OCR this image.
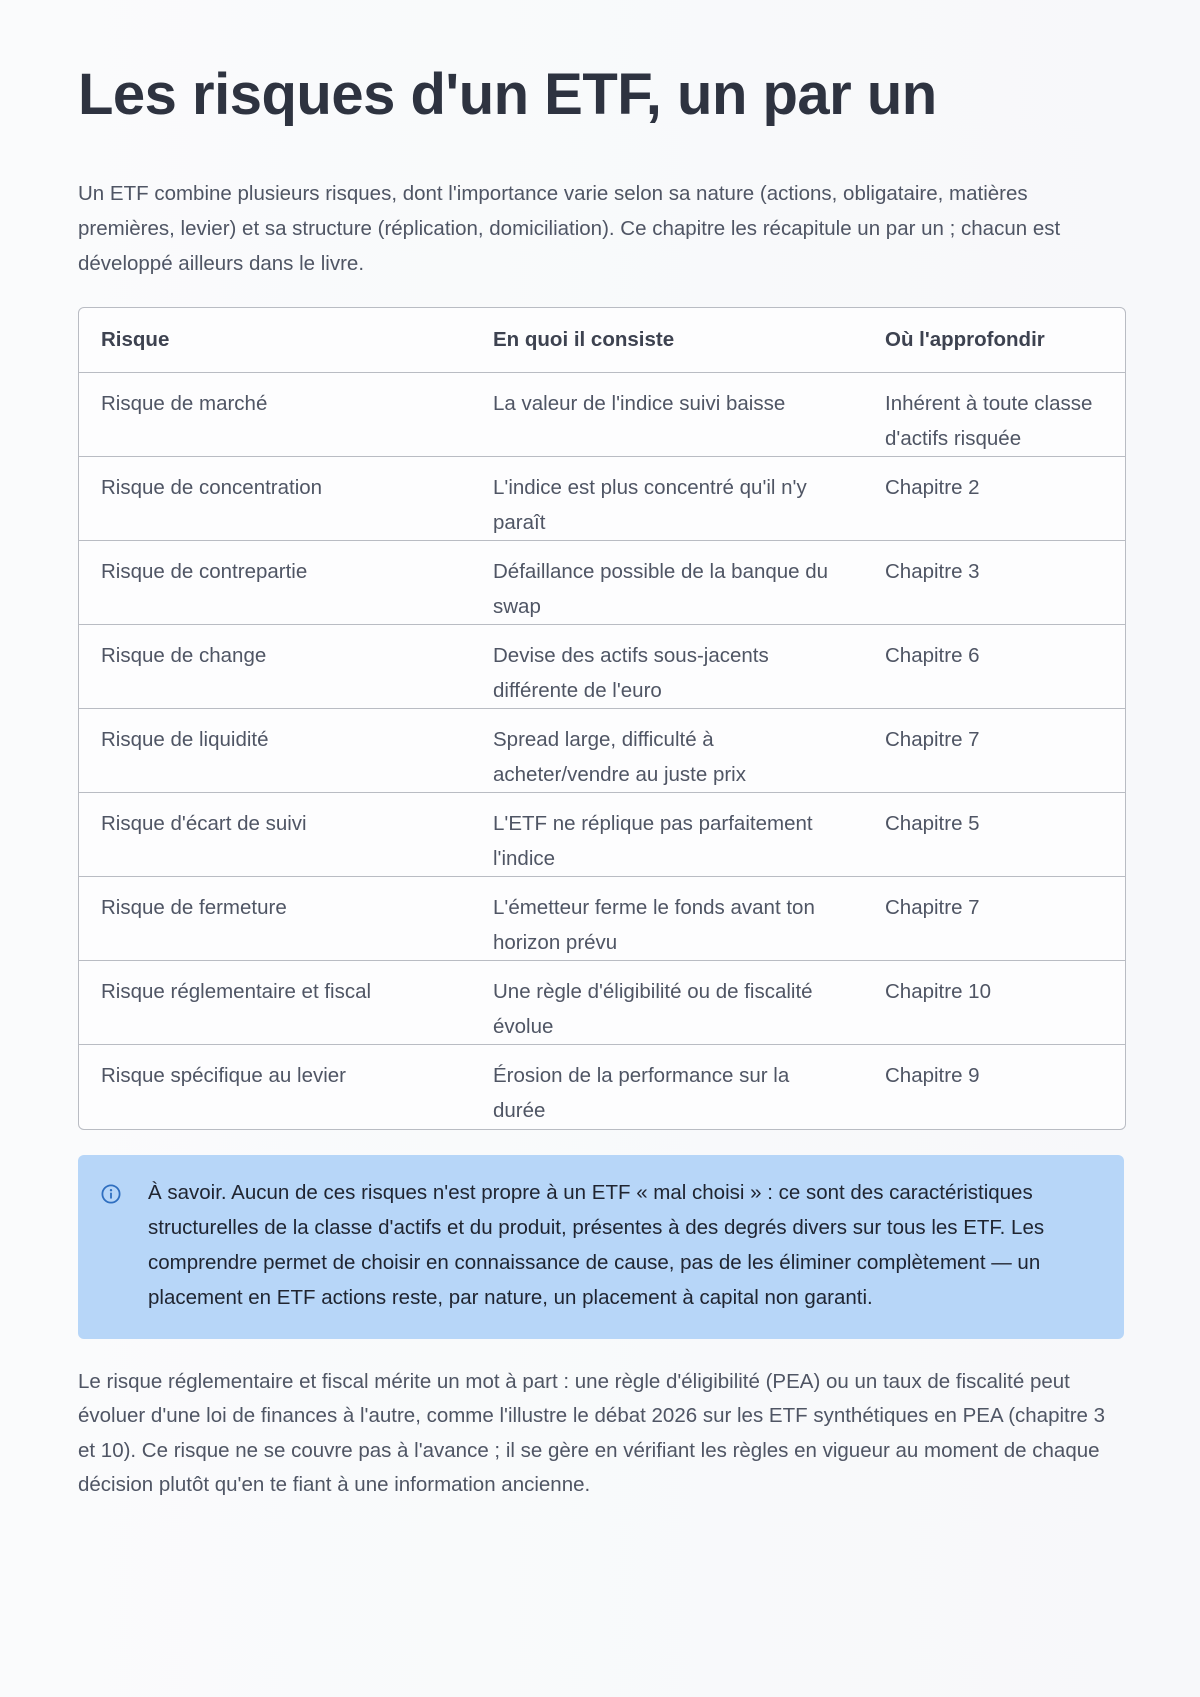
Les risques d'un ETF, un par un

Un ETF combine plusieurs risques, dont l'importance varie selon sa nature (actions, obligataire, matières premières, levier) et sa structure (réplication, domiciliation). Ce chapitre les récapitule un par un ; chacun est développé ailleurs dans le livre.

Risque	En quoi il consiste	Où l'approfondir
Risque de marché	La valeur de l'indice suivi baisse	Inhérent à toute classe d'actifs risquée
Risque de concentration	L'indice est plus concentré qu'il n'y paraît	Chapitre 2
Risque de contrepartie	Défaillance possible de la banque du swap	Chapitre 3
Risque de change	Devise des actifs sous-jacents différente de l'euro	Chapitre 6
Risque de liquidité	Spread large, difficulté à acheter/vendre au juste prix	Chapitre 7
Risque d'écart de suivi	L'ETF ne réplique pas parfaitement l'indice	Chapitre 5
Risque de fermeture	L'émetteur ferme le fonds avant ton horizon prévu	Chapitre 7
Risque réglementaire et fiscal	Une règle d'éligibilité ou de fiscalité évolue	Chapitre 10
Risque spécifique au levier	Érosion de la performance sur la durée	Chapitre 9
À savoir. Aucun de ces risques n'est propre à un ETF « mal choisi » : ce sont des caractéristiques structurelles de la classe d'actifs et du produit, présentes à des degrés divers sur tous les ETF. Les comprendre permet de choisir en connaissance de cause, pas de les éliminer complètement — un placement en ETF actions reste, par nature, un placement à capital non garanti.

Le risque réglementaire et fiscal mérite un mot à part : une règle d'éligibilité (PEA) ou un taux de fiscalité peut évoluer d'une loi de finances à l'autre, comme l'illustre le débat 2026 sur les ETF synthétiques en PEA (chapitre 3 et 10). Ce risque ne se couvre pas à l'avance ; il se gère en vérifiant les règles en vigueur au moment de chaque décision plutôt qu'en te fiant à une information ancienne.
